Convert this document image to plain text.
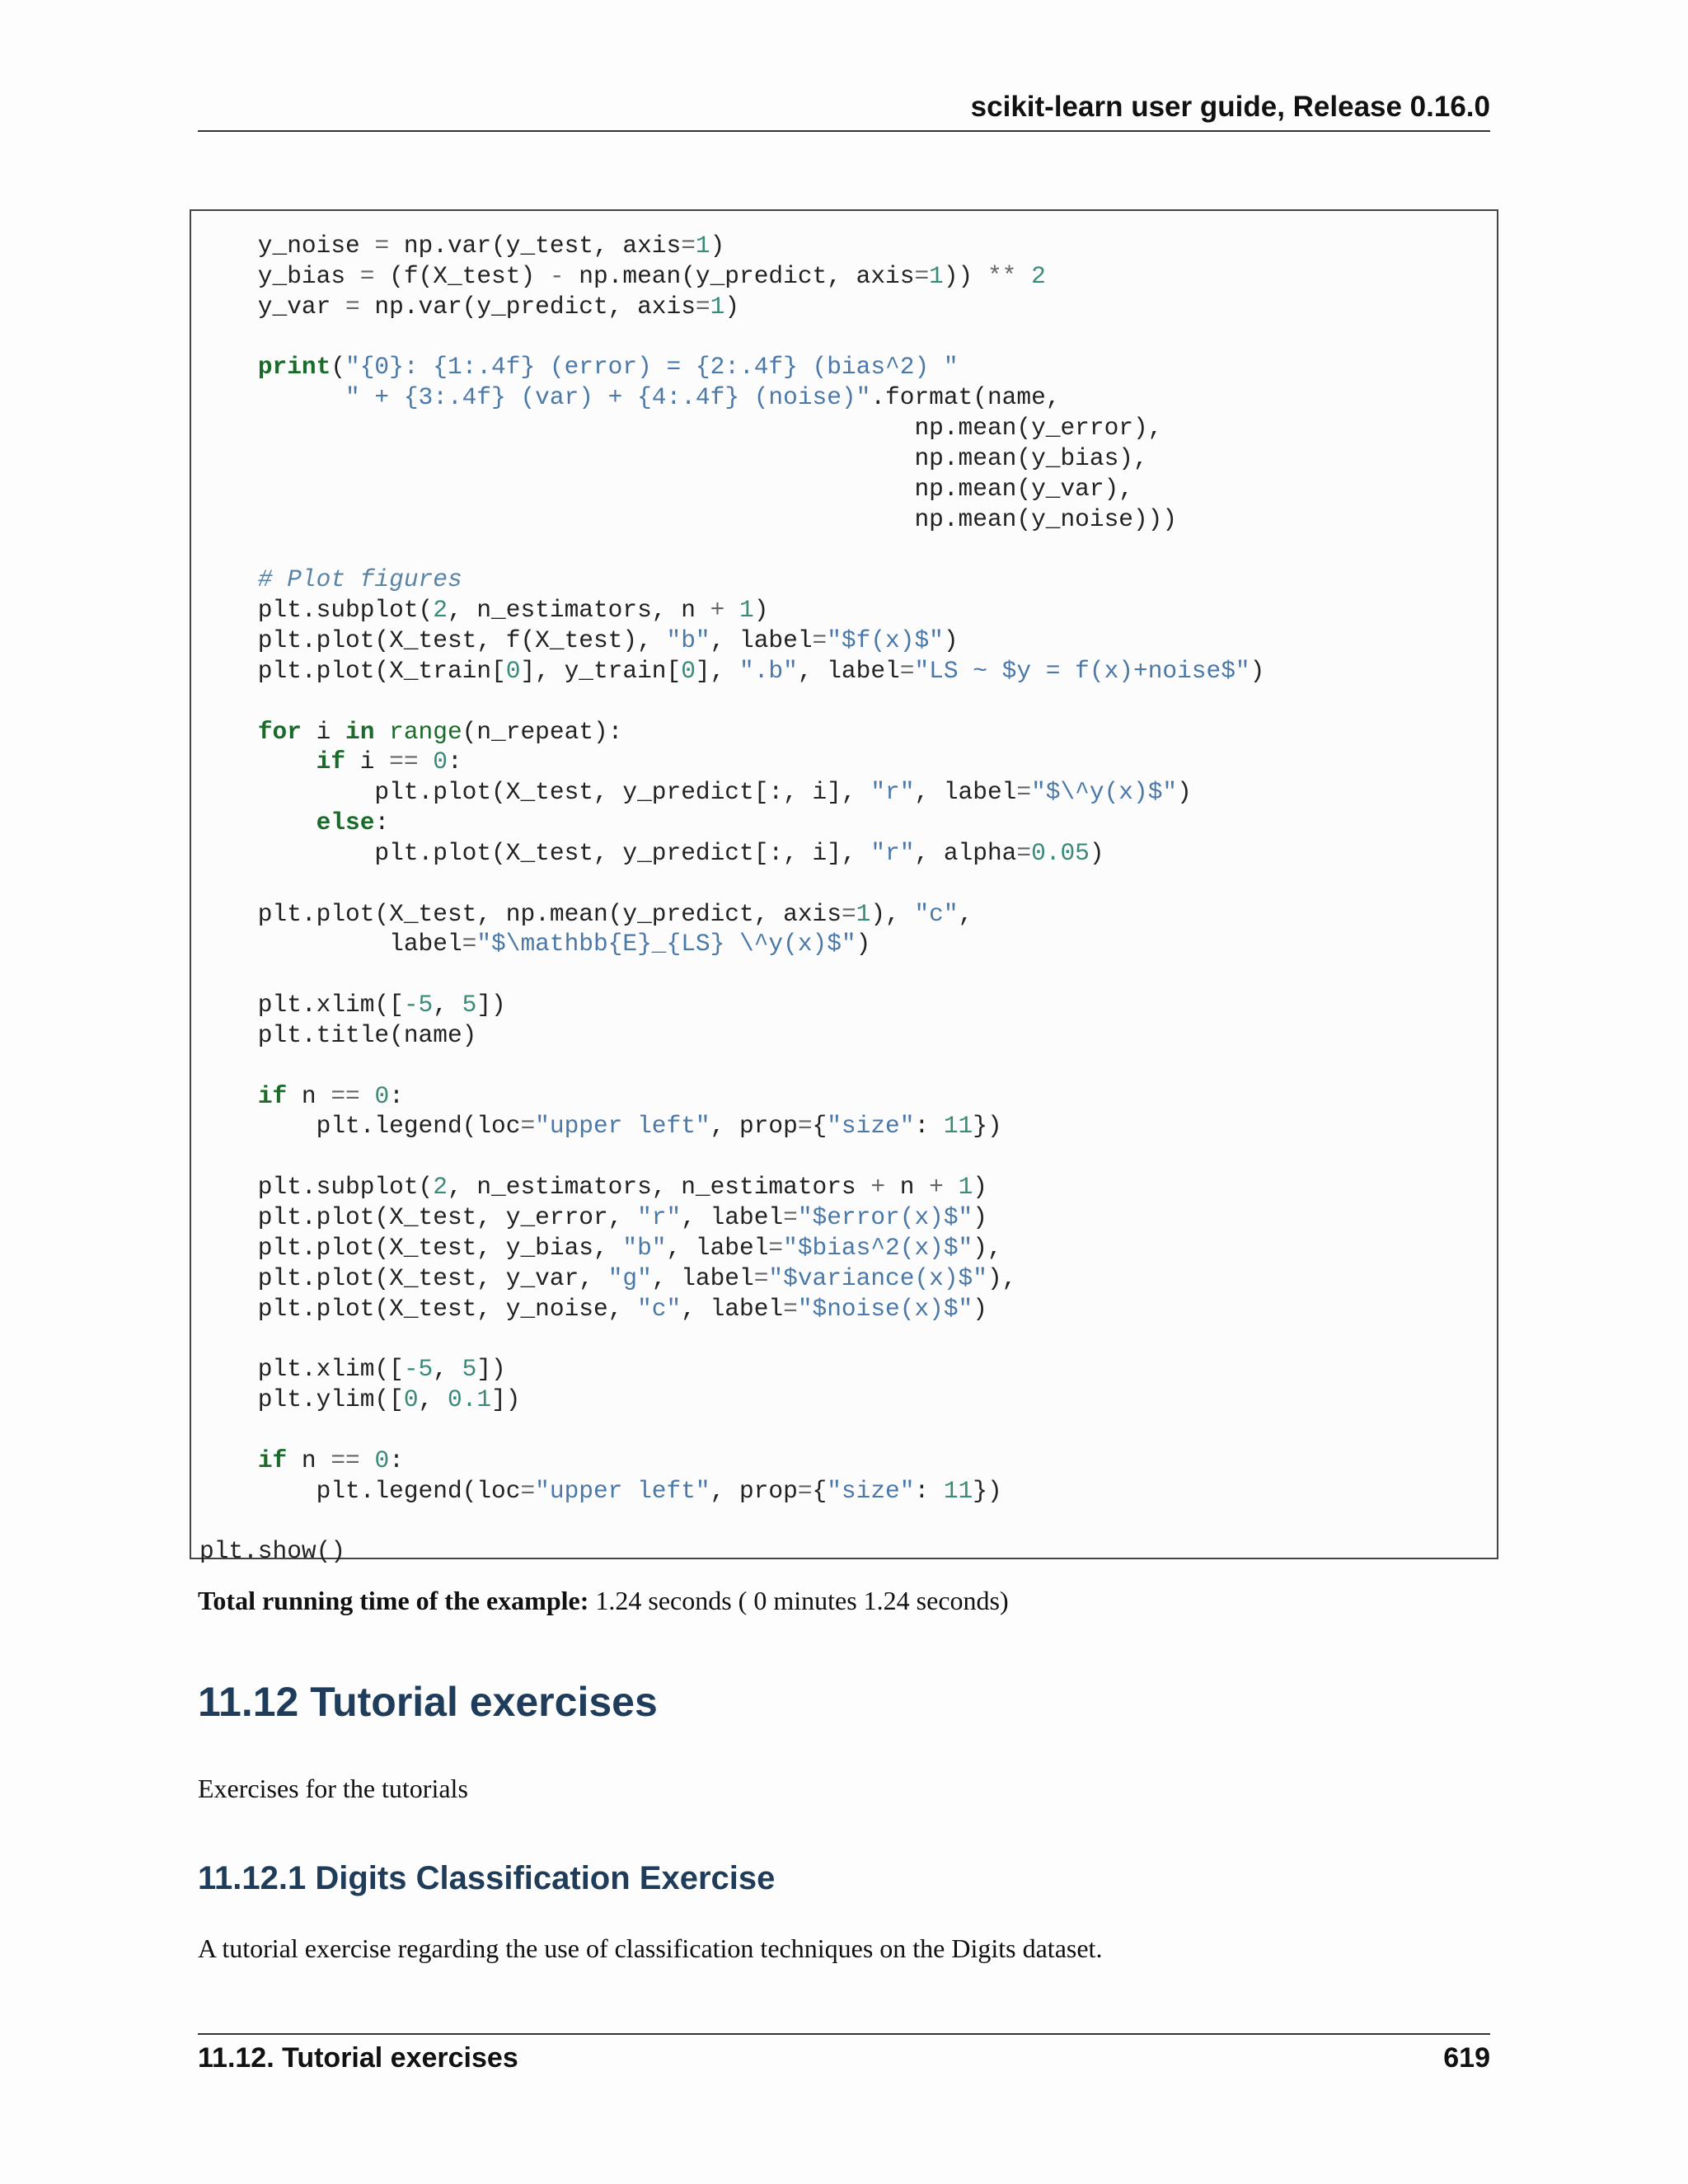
scikit-learn user guide, Release 0.16.0
y_noise = np.var(y_test, axis=1)
y_bias = (f(X_test) - np.mean(y_predict, axis=1)) ** 2
y_var = np.var(y_predict, axis=1)
print("{0}: {1:.4f} (error) = {2:.4f} (bias^2) "
" + {3:.4f} (var) + {4:.4f} (noise)".format(name,
np.mean(y_error),
np.mean(y_bias),
np.mean(y_var),
np.mean(y_noise)))
# Plot figures
plt.subplot(2, n_estimators, n + 1)
plt.plot(X_test, f(X_test), "b", label="$f(x)$")
plt.plot(X_train[0], y_train[0], ".b", label="LS ~ $y = f(x)+noise$")
for i in range(n_repeat):
if i == 0:
plt.plot(X_test, y_predict[:, i], "r", label="$\^y(x)$")
else:
plt.plot(X_test, y_predict[:, i], "r", alpha=0.05)
plt.plot(X_test, np.mean(y_predict, axis=1), "c",
label="$\mathbb{E}_{LS} \^y(x)$")
plt.xlim([-5, 5])
plt.title(name)
if n == 0:
plt.legend(loc="upper left", prop={"size": 11})
plt.subplot(2, n_estimators, n_estimators + n + 1)
plt.plot(X_test, y_error, "r", label="$error(x)$")
plt.plot(X_test, y_bias, "b", label="$bias^2(x)$"),
plt.plot(X_test, y_var, "g", label="$variance(x)$"),
plt.plot(X_test, y_noise, "c", label="$noise(x)$")
plt.xlim([-5, 5])
plt.ylim([0, 0.1])
if n == 0:
plt.legend(loc="upper left", prop={"size": 11})
plt.show()
Total running time of the example: 1.24 seconds ( 0 minutes 1.24 seconds)
11.12 Tutorial exercises
Exercises for the tutorials
11.12.1 Digits Classification Exercise
A tutorial exercise regarding the use of classification techniques on the Digits dataset.
11.12. Tutorial exercises	619
